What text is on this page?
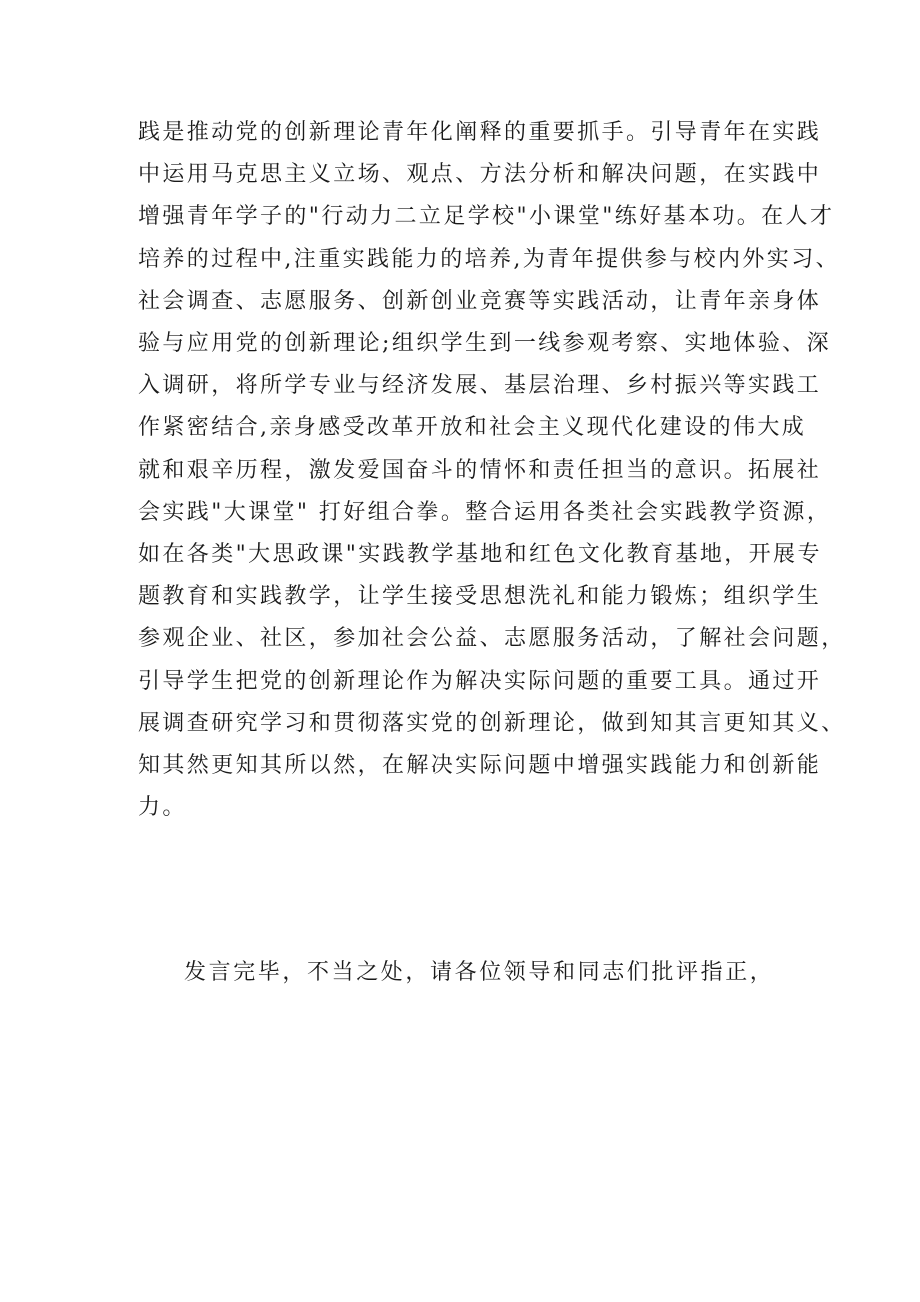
践是推动党的创新理论青年化阐释的重要抓手。引导青年在实践
中运用马克思主义立场、观点、方法分析和解决问题，在实践中
增强青年学子的"行动力二立足学校"小课堂"练好基本功。在人才
培养的过程中,注重实践能力的培养,为青年提供参与校内外实习、
社会调查、志愿服务、创新创业竞赛等实践活动，让青年亲身体
验与应用党的创新理论;组织学生到一线参观考察、实地体验、深
入调研，将所学专业与经济发展、基层治理、乡村振兴等实践工
作紧密结合,亲身感受改革开放和社会主义现代化建设的伟大成
就和艰辛历程，激发爱国奋斗的情怀和责任担当的意识。拓展社
会实践"大课堂" 打好组合拳。整合运用各类社会实践教学资源，
如在各类"大思政课"实践教学基地和红色文化教育基地，开展专
题教育和实践教学，让学生接受思想洗礼和能力锻炼；组织学生
参观企业、社区，参加社会公益、志愿服务活动，了解社会问题，
引导学生把党的创新理论作为解决实际问题的重要工具。通过开
展调查研究学习和贯彻落实党的创新理论，做到知其言更知其义、
知其然更知其所以然，在解决实际问题中增强实践能力和创新能
力。

发言完毕，不当之处，请各位领导和同志们批评指正，
